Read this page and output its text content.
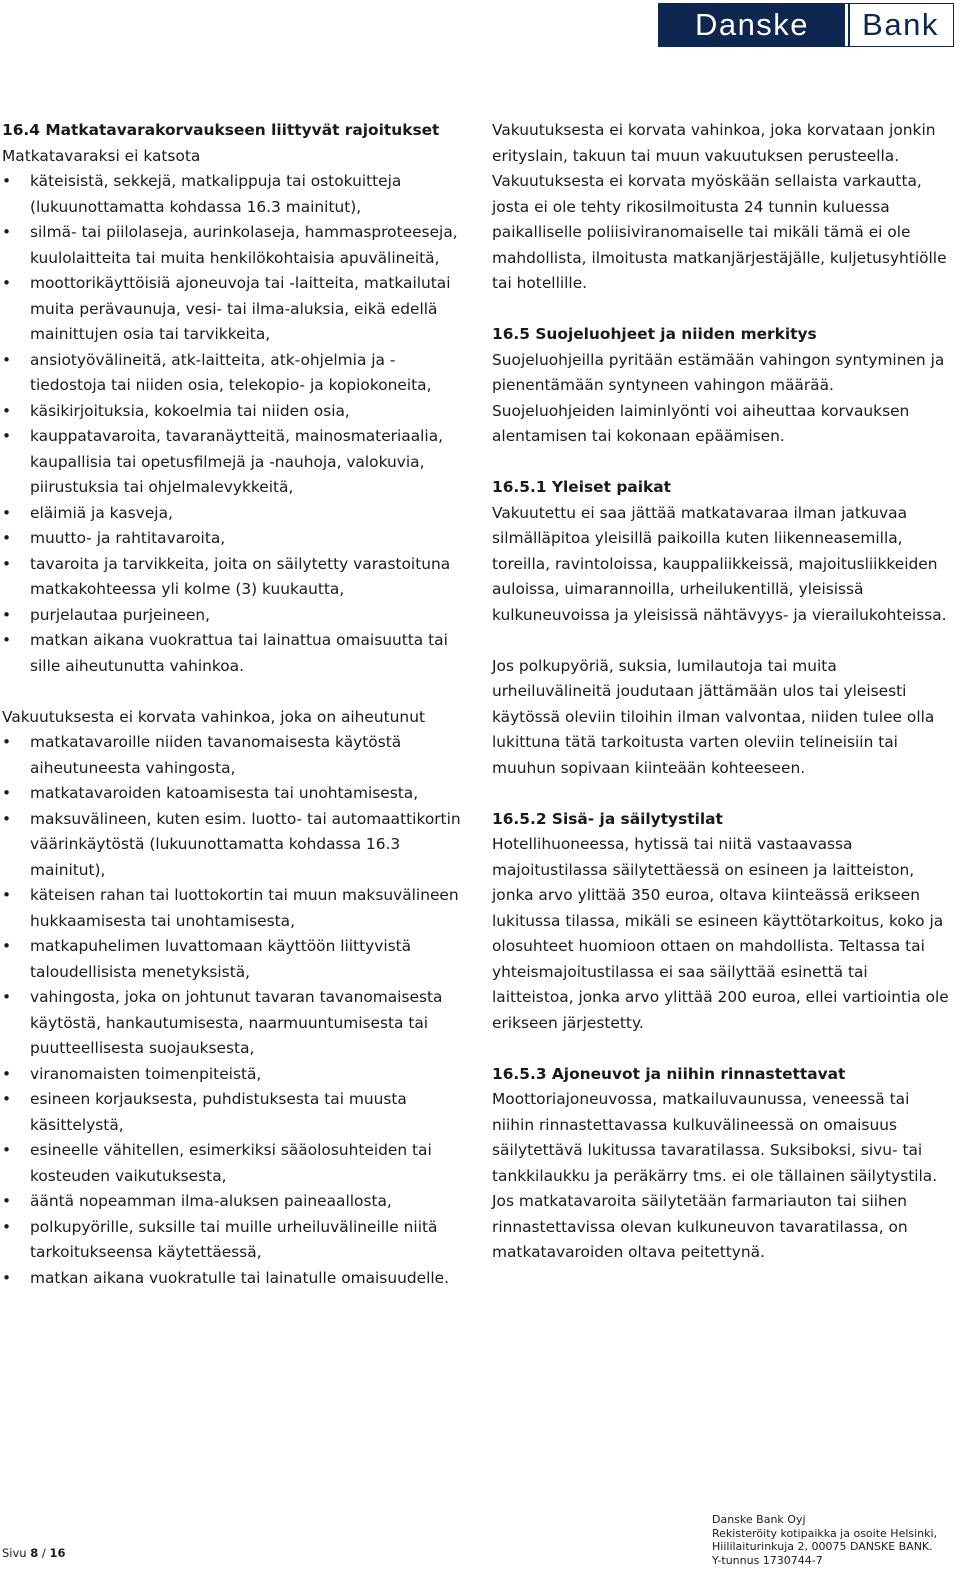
Danske	Bank

16.4 Matkatavarakorvaukseen liittyvät rajoitukset

Matkatavaraksi ei katsota

• käteisistä, sekkejä, matkalippuja tai ostokuitteja (lukuunottamatta kohdassa 16.3 mainitut),
• silmä- tai piilolaseja, aurinkolaseja, hammasproteeseja, kuulolaitteita tai muita henkilökohtaisia apuvälineitä,
• moottorikäyttöisiä ajoneuvoja tai -laitteita, matkailutai muita perävaunuja, vesi- tai ilma-aluksia, eikä edellä mainittujen osia tai tarvikkeita,
• ansiotyövälineitä, atk-laitteita, atk-ohjelmia ja -tiedostoja tai niiden osia, telekopio- ja kopiokoneita,
• käsikirjoituksia, kokoelmia tai niiden osia,
• kauppatavaroita, tavaranäytteitä, mainosmateriaalia, kaupallisia tai opetusfilmejä ja -nauhoja, valokuvia, piirustuksia tai ohjelmalevykkeitä,
• eläimiä ja kasveja,
• muutto- ja rahtitavaroita,
• tavaroita ja tarvikkeita, joita on säilytetty varastoituna matkakohteessa yli kolme (3) kuukautta,
• purjelautaa purjeineen,
• matkan aikana vuokrattua tai lainattua omaisuutta tai sille aiheutunutta vahinkoa.

Vakuutuksesta ei korvata vahinkoa, joka on aiheutunut

• matkatavaroille niiden tavanomaisesta käytöstä aiheutuneesta vahingosta,
• matkatavaroiden katoamisesta tai unohtamisesta,
• maksuvälineen, kuten esim. luotto- tai automaattikortin väärinkäytöstä (lukuunottamatta kohdassa 16.3 mainitut),
• käteisen rahan tai luottokortin tai muun maksuvälineen hukkaamisesta tai unohtamisesta,
• matkapuhelimen luvattomaan käyttöön liittyvistä taloudellisista menetyksistä,
• vahingosta, joka on johtunut tavaran tavanomaisesta käytöstä, hankautumisesta, naarmuuntumisesta tai puutteellisesta suojauksesta,
• viranomaisten toimenpiteistä,
• esineen korjauksesta, puhdistuksesta tai muusta käsittelystä,
• esineelle vähitellen, esimerkiksi sääolosuhteiden tai kosteuden vaikutuksesta,
• ääntä nopeamman ilma-aluksen paineaallosta,
• polkupyörille, suksille tai muille urheiluvälineille niitä tarkoitukseensa käytettäessä,
• matkan aikana vuokratulle tai lainatulle omaisuudelle.

Vakuutuksesta ei korvata vahinkoa, joka korvataan jonkin erityslain, takuun tai muun vakuutuksen perusteella. Vakuutuksesta ei korvata myöskään sellaista varkautta, josta ei ole tehty rikosilmoitusta 24 tunnin kuluessa paikalliselle poliisiviranomaiselle tai mikäli tämä ei ole mahdollista, ilmoitusta matkanjärjestäjälle, kuljetusyhtiölle tai hotellille.

16.5 Suojeluohjeet ja niiden merkitys

Suojeluohjeilla pyritään estämään vahingon syntyminen ja pienentämään syntyneen vahingon määrää. Suojeluohjeiden laiminlyönti voi aiheuttaa korvauksen alentamisen tai kokonaan epäämisen.

16.5.1 Yleiset paikat

Vakuutettu ei saa jättää matkatavaraa ilman jatkuvaa silmälläpitoa yleisillä paikoilla kuten liikenneasemilla, toreilla, ravintoloissa, kauppaliikkeissä, majoitusliikkeiden auloissa, uimarannoilla, urheilukentillä, yleisissä kulkuneuvoissa ja yleisissä nähtävyys- ja vierailukohteissa.

Jos polkupyöriä, suksia, lumilautoja tai muita urheiluvälineitä joudutaan jättämään ulos tai yleisesti käytössä oleviin tiloihin ilman valvontaa, niiden tulee olla lukittuna tätä tarkoitusta varten oleviin telineisiin tai muuhun sopivaan kiinteään kohteeseen.

16.5.2 Sisä- ja säilytystilat

Hotellihuoneessa, hytissä tai niitä vastaavassa majoitustilassa säilytettäessä on esineen ja laitteiston, jonka arvo ylittää 350 euroa, oltava kiinteässä erikseen lukitussa tilassa, mikäli se esineen käyttötarkoitus, koko ja olosuhteet huomioon ottaen on mahdollista. Teltassa tai yhteismajoitustilassa ei saa säilyttää esinettä tai laitteistoa, jonka arvo ylittää 200 euroa, ellei vartiointia ole erikseen järjestetty.

16.5.3 Ajoneuvot ja niihin rinnastettavat

Moottoriajoneuvossa, matkailuvaunussa, veneessä tai niihin rinnastettavassa kulkuvälineessä on omaisuus säilytettävä lukitussa tavaratilassa. Suksiboksi, sivu- tai tankkilaukku ja peräkärry tms. ei ole tällainen säilytystila. Jos matkatavaroita säilytetään farmariauton tai siihen rinnastettavissa olevan kulkuneuvon tavaratilassa, on matkatavaroiden oltava peitettynä.

Sivu 8 / 16
Danske Bank Oyj
Rekisteröity kotipaikka ja osoite Helsinki,
Hiililaiturinkuja 2, 00075 DANSKE BANK.
Y-tunnus 1730744-7
